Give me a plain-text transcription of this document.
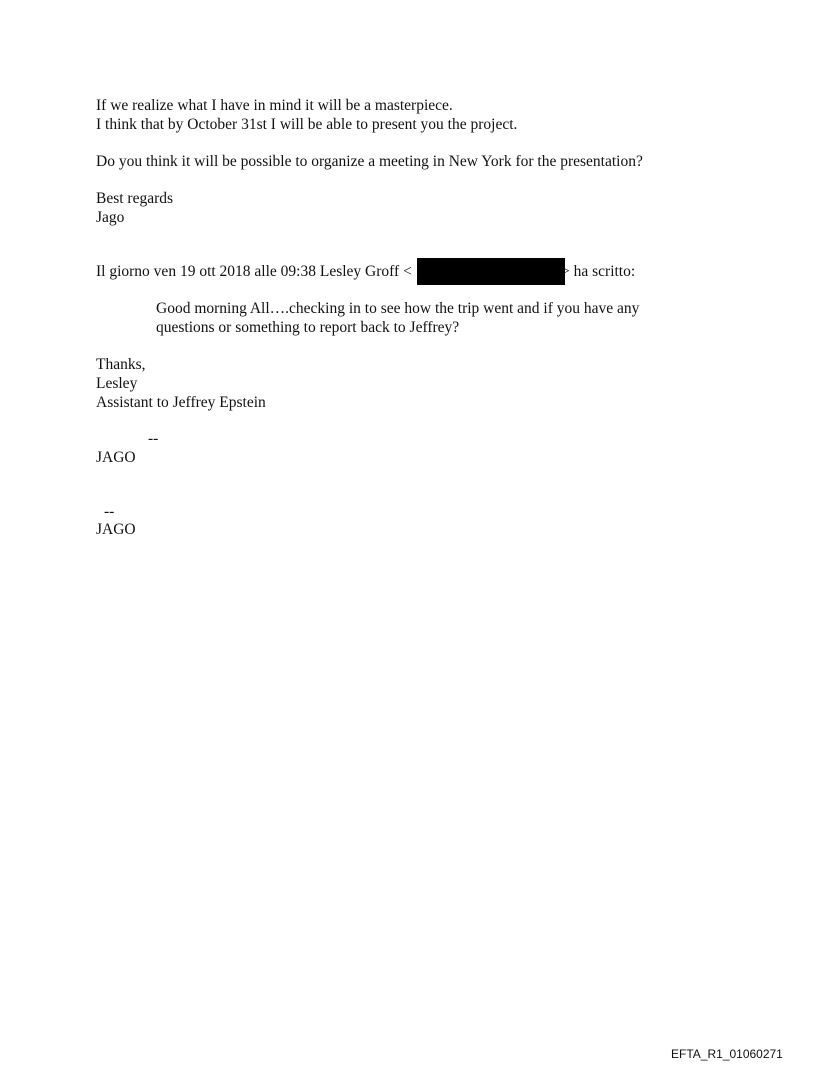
If we realize what I have in mind it will be a masterpiece.

I think that by October 31st I will be able to present you the project.

Do you think it will be possible to organize a meeting in New York for the presentation?

Best regards

Jago

Il giorno ven 19 ott 2018 alle 09:38 Lesley Groff <	> ha scritto:

Good morning All….checking in to see how the trip went and if you have any

questions or something to report back to Jeffrey?

Thanks,

Lesley

Assistant to Jeffrey Epstein

--

JAGO

--

JAGO

EFTA_R1_01060271
